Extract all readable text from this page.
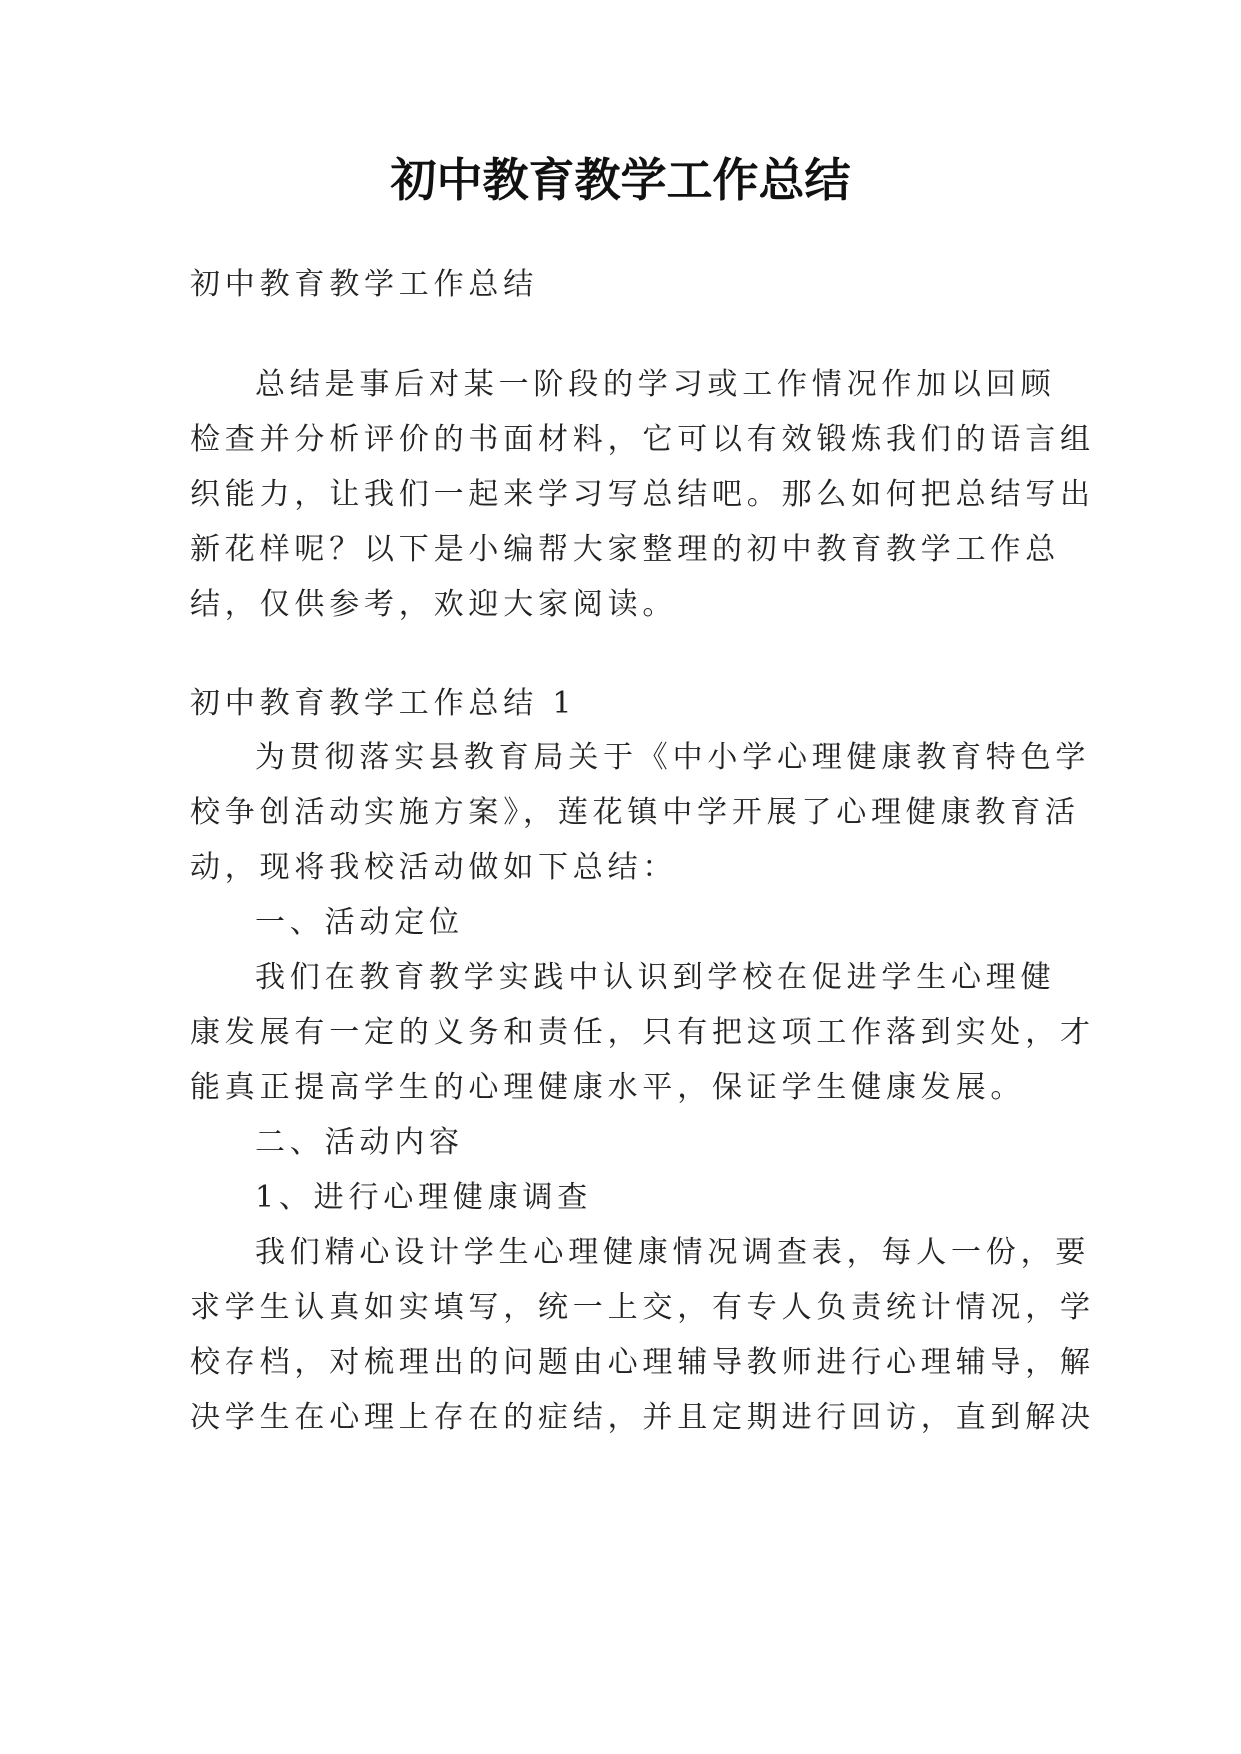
初中教育教学工作总结
初中教育教学工作总结
总结是事后对某一阶段的学习或工作情况作加以回顾
检查并分析评价的书面材料，它可以有效锻炼我们的语言组
织能力，让我们一起来学习写总结吧。那么如何把总结写出
新花样呢？以下是小编帮大家整理的初中教育教学工作总
结，仅供参考，欢迎大家阅读。
初中教育教学工作总结 1
为贯彻落实县教育局关于《中小学心理健康教育特色学
校争创活动实施方案》，莲花镇中学开展了心理健康教育活
动，现将我校活动做如下总结：
一、活动定位
我们在教育教学实践中认识到学校在促进学生心理健
康发展有一定的义务和责任，只有把这项工作落到实处，才
能真正提高学生的心理健康水平，保证学生健康发展。
二、活动内容
1、进行心理健康调查
我们精心设计学生心理健康情况调查表，每人一份，要
求学生认真如实填写，统一上交，有专人负责统计情况，学
校存档，对梳理出的问题由心理辅导教师进行心理辅导，解
决学生在心理上存在的症结，并且定期进行回访，直到解决
